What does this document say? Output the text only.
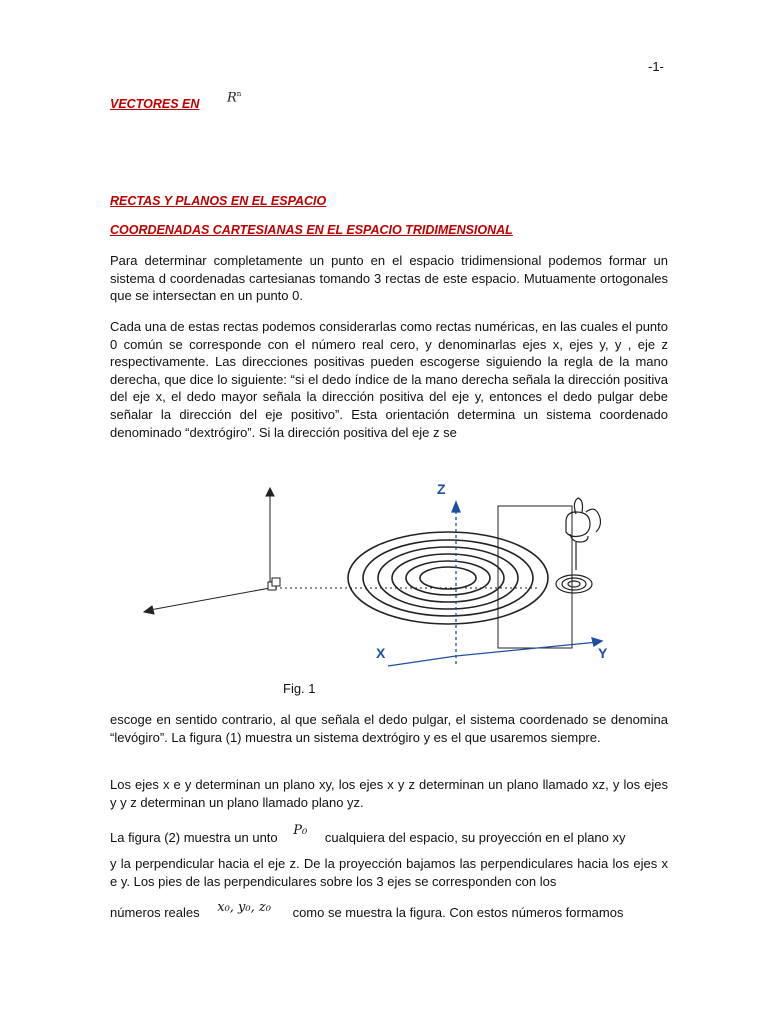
-1-
VECTORES EN $R^n$
RECTAS Y PLANOS EN EL ESPACIO
COORDENADAS CARTESIANAS EN EL ESPACIO TRIDIMENSIONAL

Para determinar completamente un punto en el espacio tridimensional podemos formar un sistema d coordenadas cartesianas tomando 3 rectas de este espacio. Mutuamente ortogonales que se intersectan en un punto 0.

Cada una de estas rectas podemos considerarlas como rectas numéricas, en las cuales el punto 0 común se corresponde con el número real cero, y denominarlas ejes x, ejes y, y , eje z respectivamente. Las direcciones positivas pueden escogerse siguiendo la regla de la mano derecha, que dice lo siguiente: “si el dedo índice de la mano derecha señala la dirección positiva del eje x, el dedo mayor señala la dirección positiva del eje y, entonces el dedo pulgar debe señalar la dirección del eje positivo”. Esta orientación determina un sistema coordenado denominado “dextrógiro”. Si la dirección positiva del eje z se

Z
X	Y
Fig. 1

escoge en sentido contrario, al que señala el dedo pulgar, el sistema coordenado se denomina “levógiro”. La figura (1) muestra un sistema dextrógiro y es el que usaremos siempre.

Los ejes x e y determinan un plano xy, los ejes x y z determinan un plano llamado xz, y los ejes y y z determinan un plano llamado plano yz.

La figura (2) muestra un unto P₀ cualquiera del espacio, su proyección en el plano xy

y la perpendicular hacia el eje z. De la proyección bajamos las perpendiculares hacia los ejes x e y. Los pies de las perpendiculares sobre los 3 ejes se corresponden con los

números reales x₀, y₀, z₀ como se muestra la figura. Con estos números formamos
